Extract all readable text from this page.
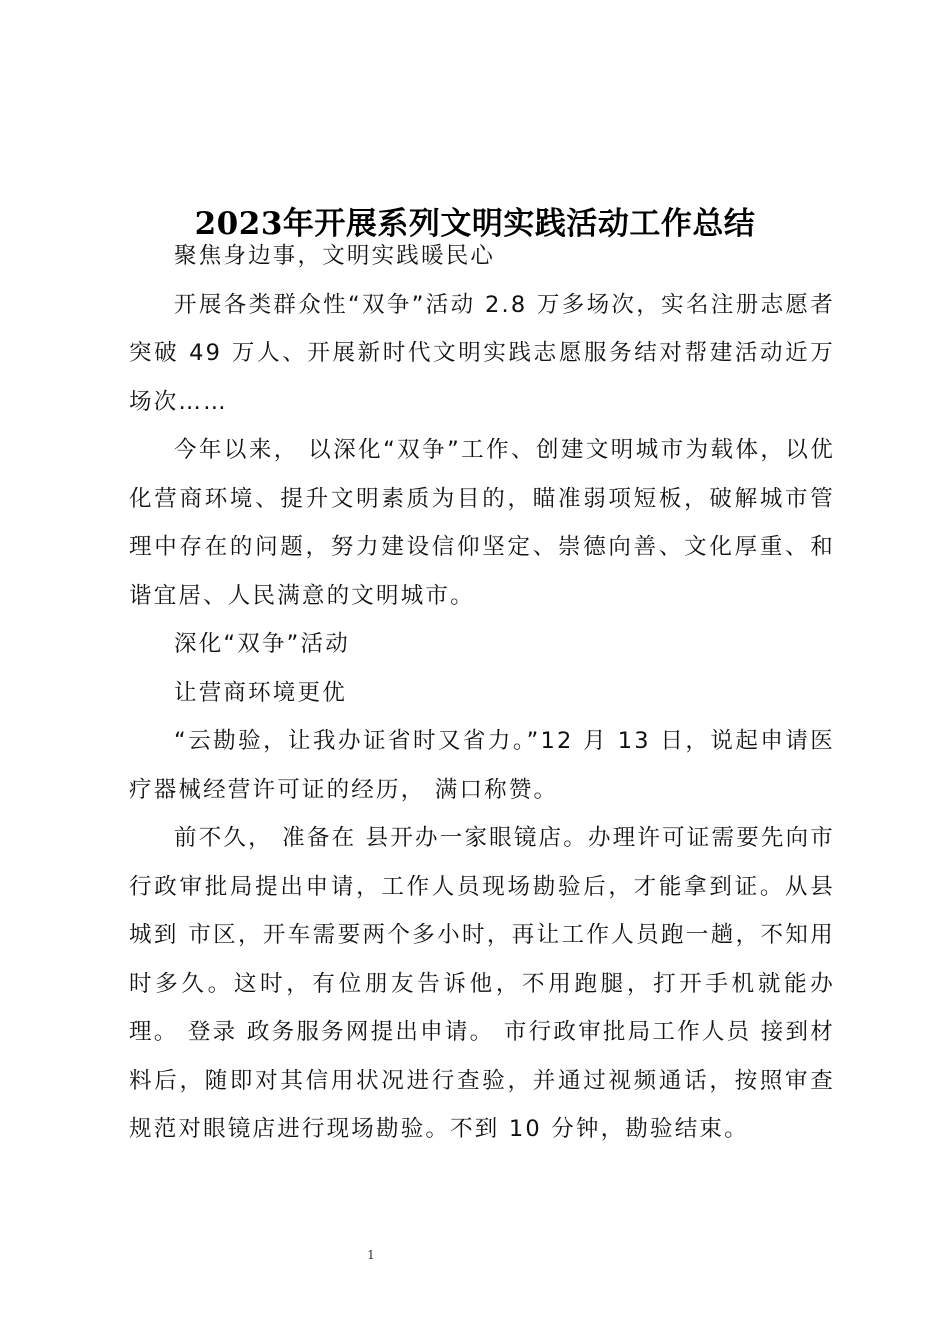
2023年开展系列文明实践活动工作总结

聚焦身边事，文明实践暖民心

开展各类群众性“双争”活动 2.8 万多场次，实名注册志愿者突破 49 万人、开展新时代文明实践志愿服务结对帮建活动近万场次……

今年以来， 以深化“双争”工作、创建文明城市为载体，以优化营商环境、提升文明素质为目的，瞄准弱项短板，破解城市管理中存在的问题，努力建设信仰坚定、崇德向善、文化厚重、和谐宜居、人民满意的文明城市。

深化“双争”活动

让营商环境更优

“云勘验，让我办证省时又省力。”12 月 13 日，说起申请医疗器械经营许可证的经历， 满口称赞。

前不久， 准备在 县开办一家眼镜店。办理许可证需要先向市行政审批局提出申请，工作人员现场勘验后，才能拿到证。从县城到 市区，开车需要两个多小时，再让工作人员跑一趟，不知用时多久。这时，有位朋友告诉他，不用跑腿，打开手机就能办理。 登录 政务服务网提出申请。 市行政审批局工作人员 接到材料后，随即对其信用状况进行查验，并通过视频通话，按照审查规范对眼镜店进行现场勘验。不到 10 分钟，勘验结束。

1
